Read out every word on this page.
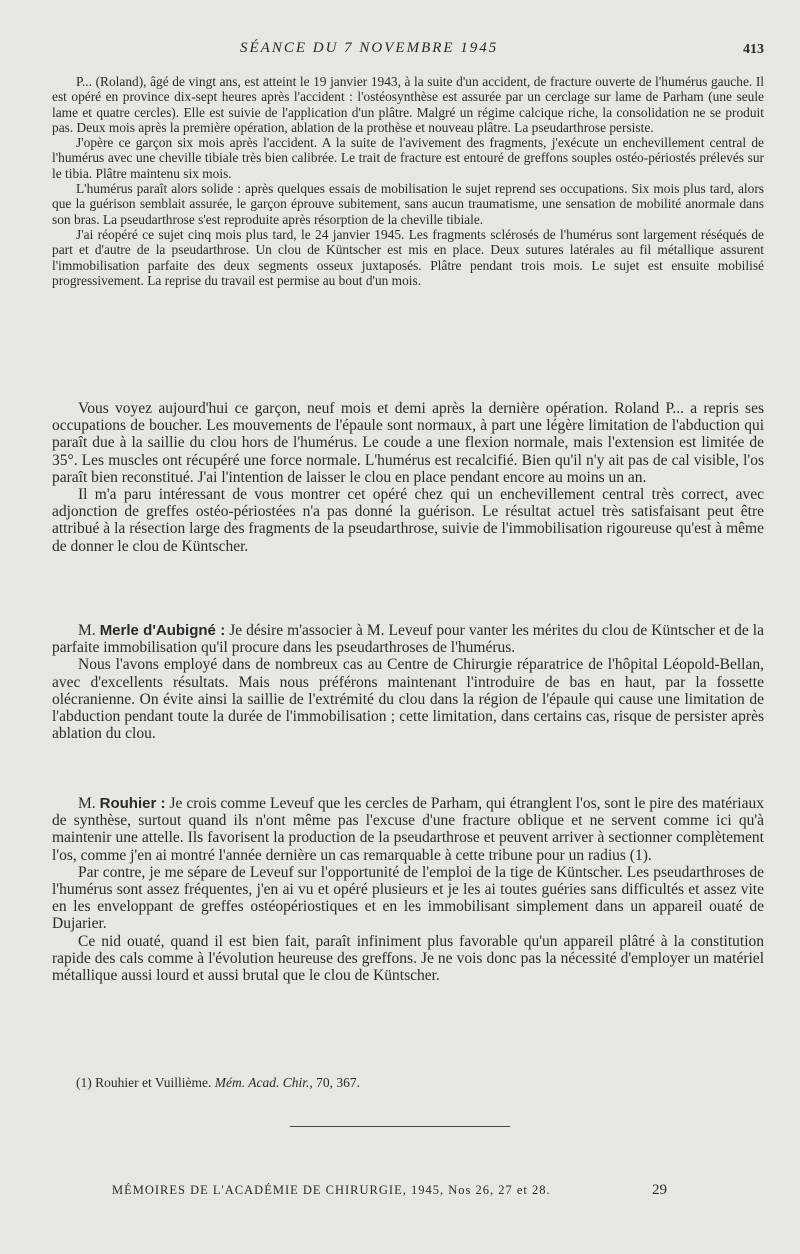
SÉANCE DU 7 NOVEMBRE 1945	413

P... (Roland), âgé de vingt ans, est atteint le 19 janvier 1943, à la suite d'un accident, de fracture ouverte de l'humérus gauche. Il est opéré en province dix-sept heures après l'accident : l'ostéosynthèse est assurée par un cerclage sur lame de Parham (une seule lame et quatre cercles). Elle est suivie de l'application d'un plâtre. Malgré un régime calcique riche, la consolidation ne se produit pas. Deux mois après la première opération, ablation de la prothèse et nouveau plâtre. La pseudarthrose persiste.

J'opère ce garçon six mois après l'accident. A la suite de l'avivement des fragments, j'exécute un enchevillement central de l'humérus avec une cheville tibiale très bien calibrée. Le trait de fracture est entouré de greffons souples ostéo-périostés prélevés sur le tibia. Plâtre maintenu six mois.

L'humérus paraît alors solide : après quelques essais de mobilisation le sujet reprend ses occupations. Six mois plus tard, alors que la guérison semblait assurée, le garçon éprouve subitement, sans aucun traumatisme, une sensation de mobilité anormale dans son bras. La pseudarthrose s'est reproduite après résorption de la cheville tibiale.

J'ai réopéré ce sujet cinq mois plus tard, le 24 janvier 1945. Les fragments sclérosés de l'humérus sont largement réséqués de part et d'autre de la pseudarthrose. Un clou de Küntscher est mis en place. Deux sutures latérales au fil métallique assurent l'immobilisation parfaite des deux segments osseux juxtaposés. Plâtre pendant trois mois. Le sujet est ensuite mobilisé progressivement. La reprise du travail est permise au bout d'un mois.

Vous voyez aujourd'hui ce garçon, neuf mois et demi après la dernière opération. Roland P... a repris ses occupations de boucher. Les mouvements de l'épaule sont normaux, à part une légère limitation de l'abduction qui paraît due à la saillie du clou hors de l'humérus. Le coude a une flexion normale, mais l'extension est limitée de 35°. Les muscles ont récupéré une force normale. L'humérus est recalcifié. Bien qu'il n'y ait pas de cal visible, l'os paraît bien reconstitué. J'ai l'intention de laisser le clou en place pendant encore au moins un an.

Il m'a paru intéressant de vous montrer cet opéré chez qui un enchevillement central très correct, avec adjonction de greffes ostéo-périostées n'a pas donné la guérison. Le résultat actuel très satisfaisant peut être attribué à la résection large des fragments de la pseudarthrose, suivie de l'immobilisation rigoureuse qu'est à même de donner le clou de Küntscher.

M. Merle d'Aubigné : Je désire m'associer à M. Leveuf pour vanter les mérites du clou de Küntscher et de la parfaite immobilisation qu'il procure dans les pseudarthroses de l'humérus.

Nous l'avons employé dans de nombreux cas au Centre de Chirurgie réparatrice de l'hôpital Léopold-Bellan, avec d'excellents résultats. Mais nous préférons maintenant l'introduire de bas en haut, par la fossette olécranienne. On évite ainsi la saillie de l'extrémité du clou dans la région de l'épaule qui cause une limitation de l'abduction pendant toute la durée de l'immobilisation ; cette limitation, dans certains cas, risque de persister après ablation du clou.

M. Rouhier : Je crois comme Leveuf que les cercles de Parham, qui étranglent l'os, sont le pire des matériaux de synthèse, surtout quand ils n'ont même pas l'excuse d'une fracture oblique et ne servent comme ici qu'à maintenir une attelle. Ils favorisent la production de la pseudarthrose et peuvent arriver à sectionner complètement l'os, comme j'en ai montré l'année dernière un cas remarquable à cette tribune pour un radius (1).

Par contre, je me sépare de Leveuf sur l'opportunité de l'emploi de la tige de Küntscher. Les pseudarthroses de l'humérus sont assez fréquentes, j'en ai vu et opéré plusieurs et je les ai toutes guéries sans difficultés et assez vite en les enveloppant de greffes ostéopériostiques et en les immobilisant simplement dans un appareil ouaté de Dujarier.

Ce nid ouaté, quand il est bien fait, paraît infiniment plus favorable qu'un appareil plâtré à la constitution rapide des cals comme à l'évolution heureuse des greffons. Je ne vois donc pas la nécessité d'employer un matériel métallique aussi lourd et aussi brutal que le clou de Küntscher.

(1) Rouhier et Vuillième. Mém. Acad. Chir., 70, 367.
MÉMOIRES DE L'ACADÉMIE DE CHIRURGIE, 1945, Nos 26, 27 et 28.	29
